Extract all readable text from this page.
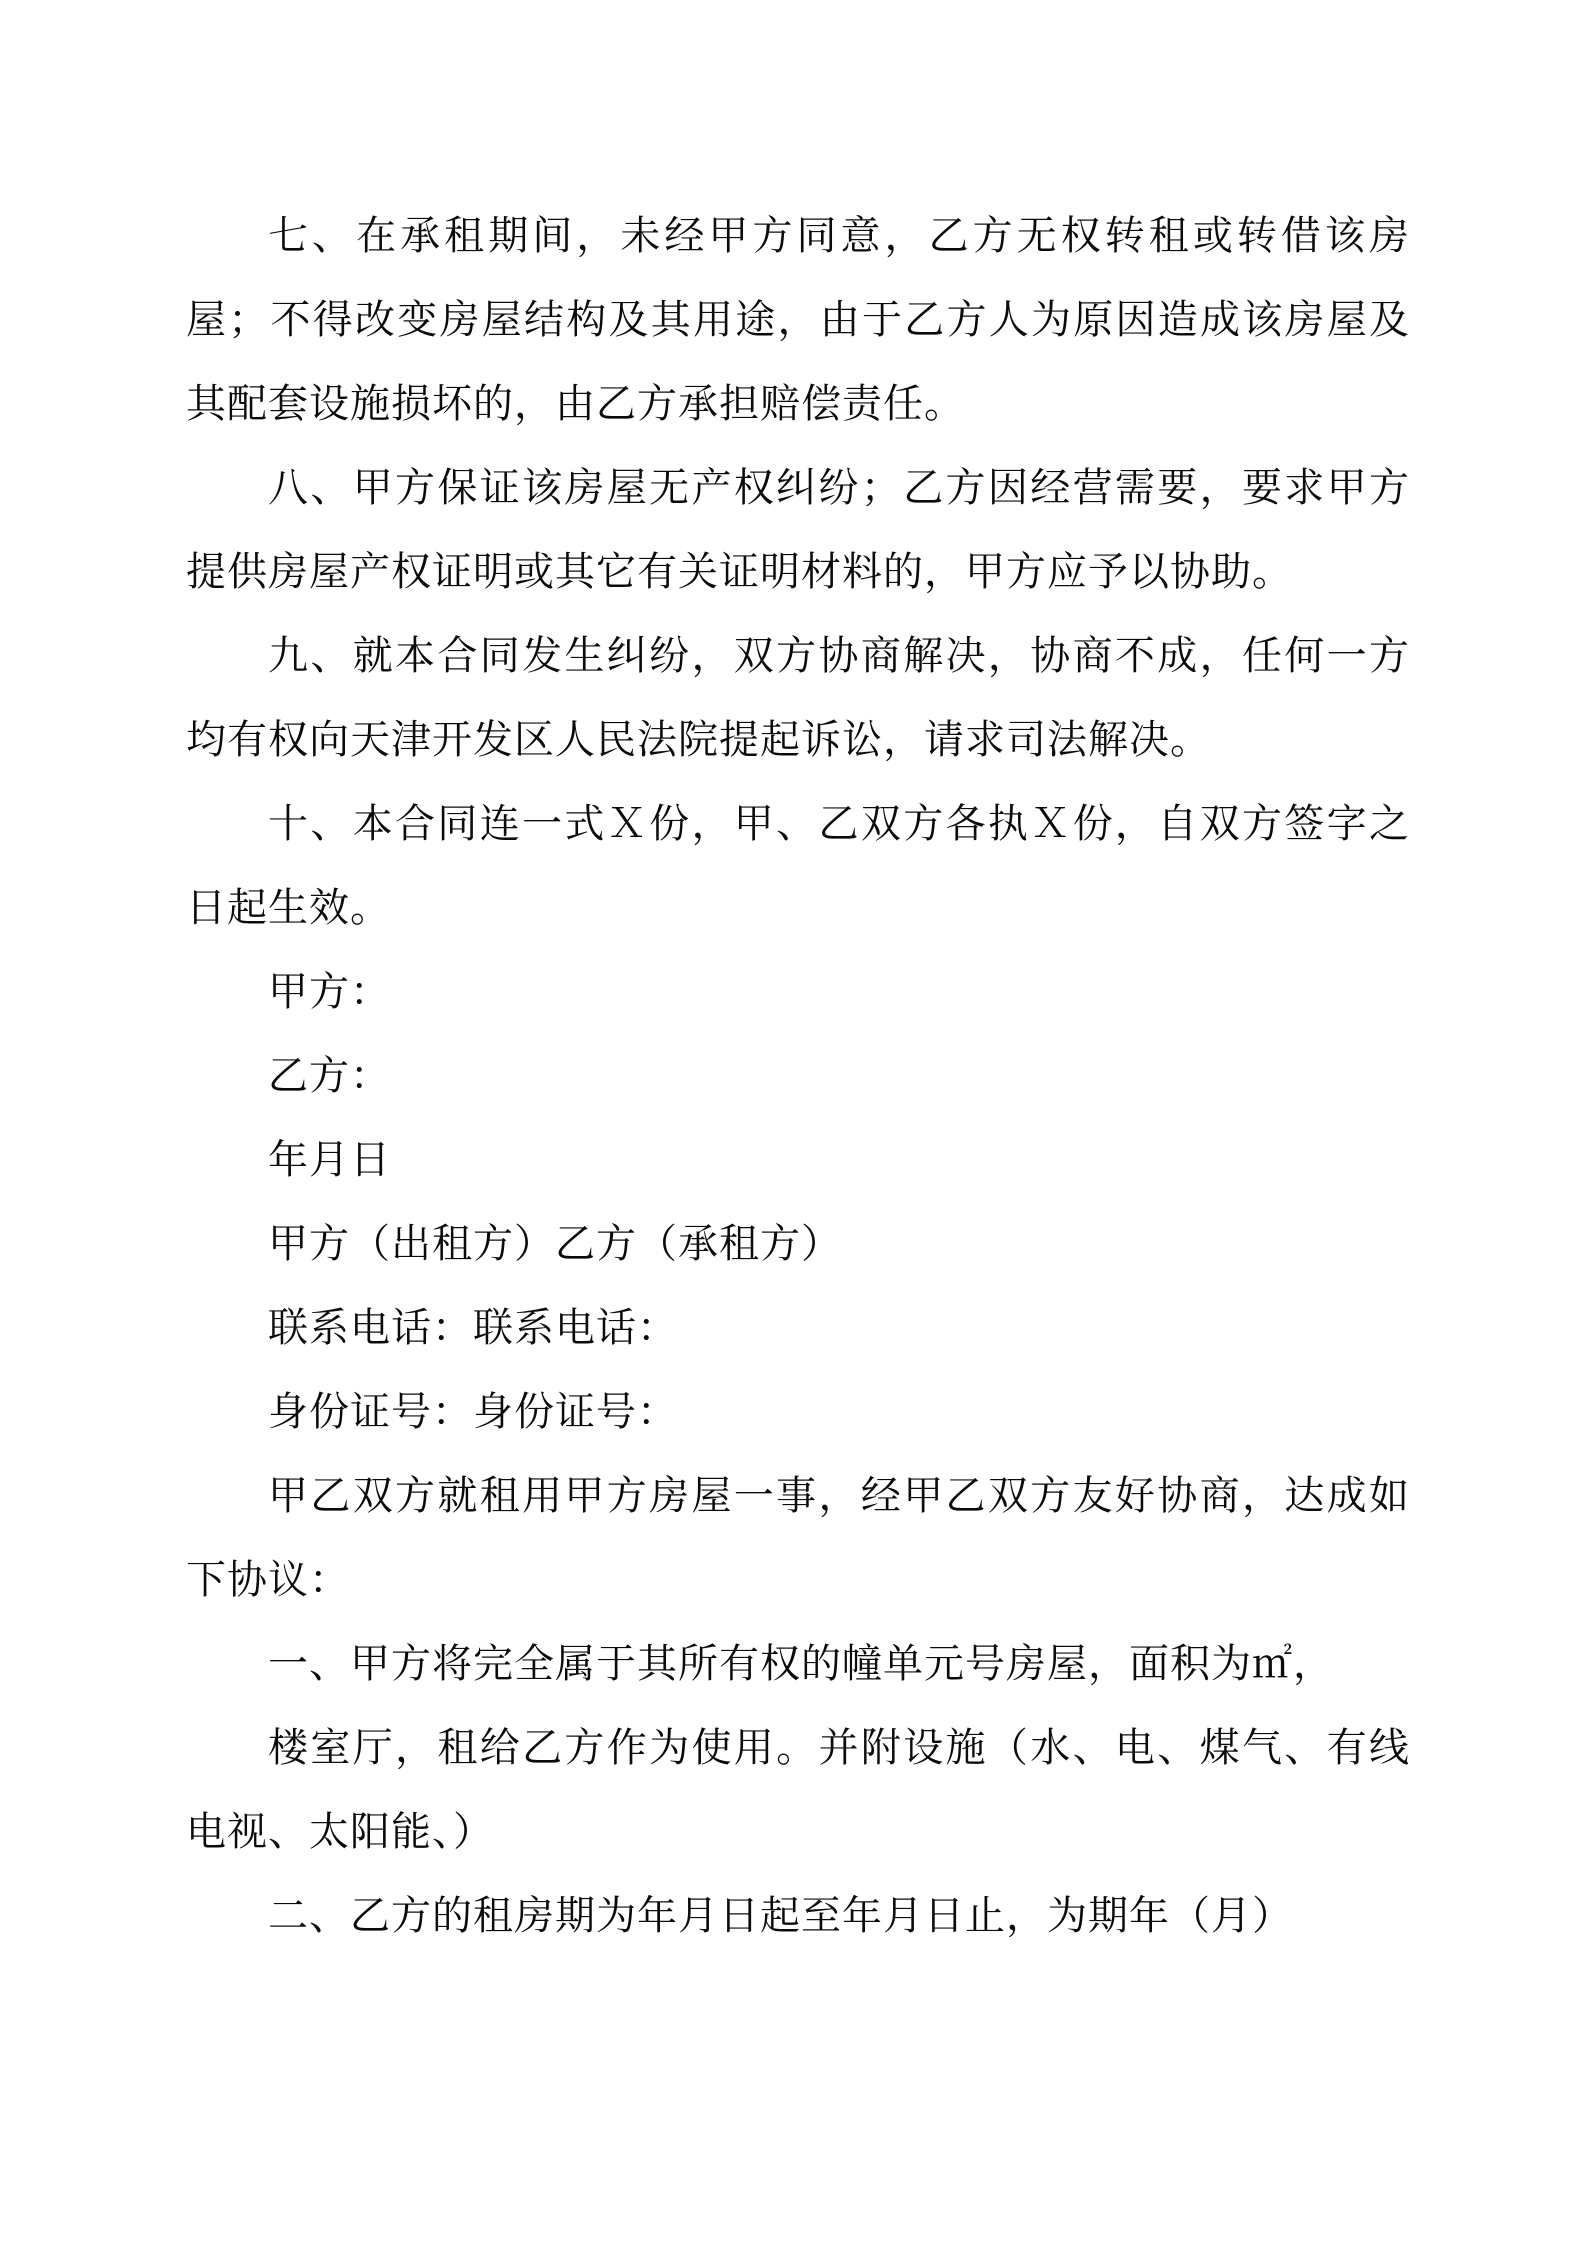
七、在承租期间，未经甲方同意，乙方无权转租或转借该房屋；不得改变房屋结构及其用途，由于乙方人为原因造成该房屋及其配套设施损坏的，由乙方承担赔偿责任。

八、甲方保证该房屋无产权纠纷；乙方因经营需要，要求甲方提供房屋产权证明或其它有关证明材料的，甲方应予以协助。

九、就本合同发生纠纷，双方协商解决，协商不成，任何一方均有权向天津开发区人民法院提起诉讼，请求司法解决。

十、本合同连一式Ｘ份，甲、乙双方各执Ｘ份，自双方签字之日起生效。

甲方：

乙方：

年月日

甲方（出租方）乙方（承租方）

联系电话：联系电话：

身份证号：身份证号：

甲乙双方就租用甲方房屋一事，经甲乙双方友好协商，达成如下协议：

一、甲方将完全属于其所有权的幢单元号房屋，面积为㎡，

楼室厅，租给乙方作为使用。并附设施（水、电、煤气、有线电视、太阳能、）

二、乙方的租房期为年月日起至年月日止，为期年（月）
